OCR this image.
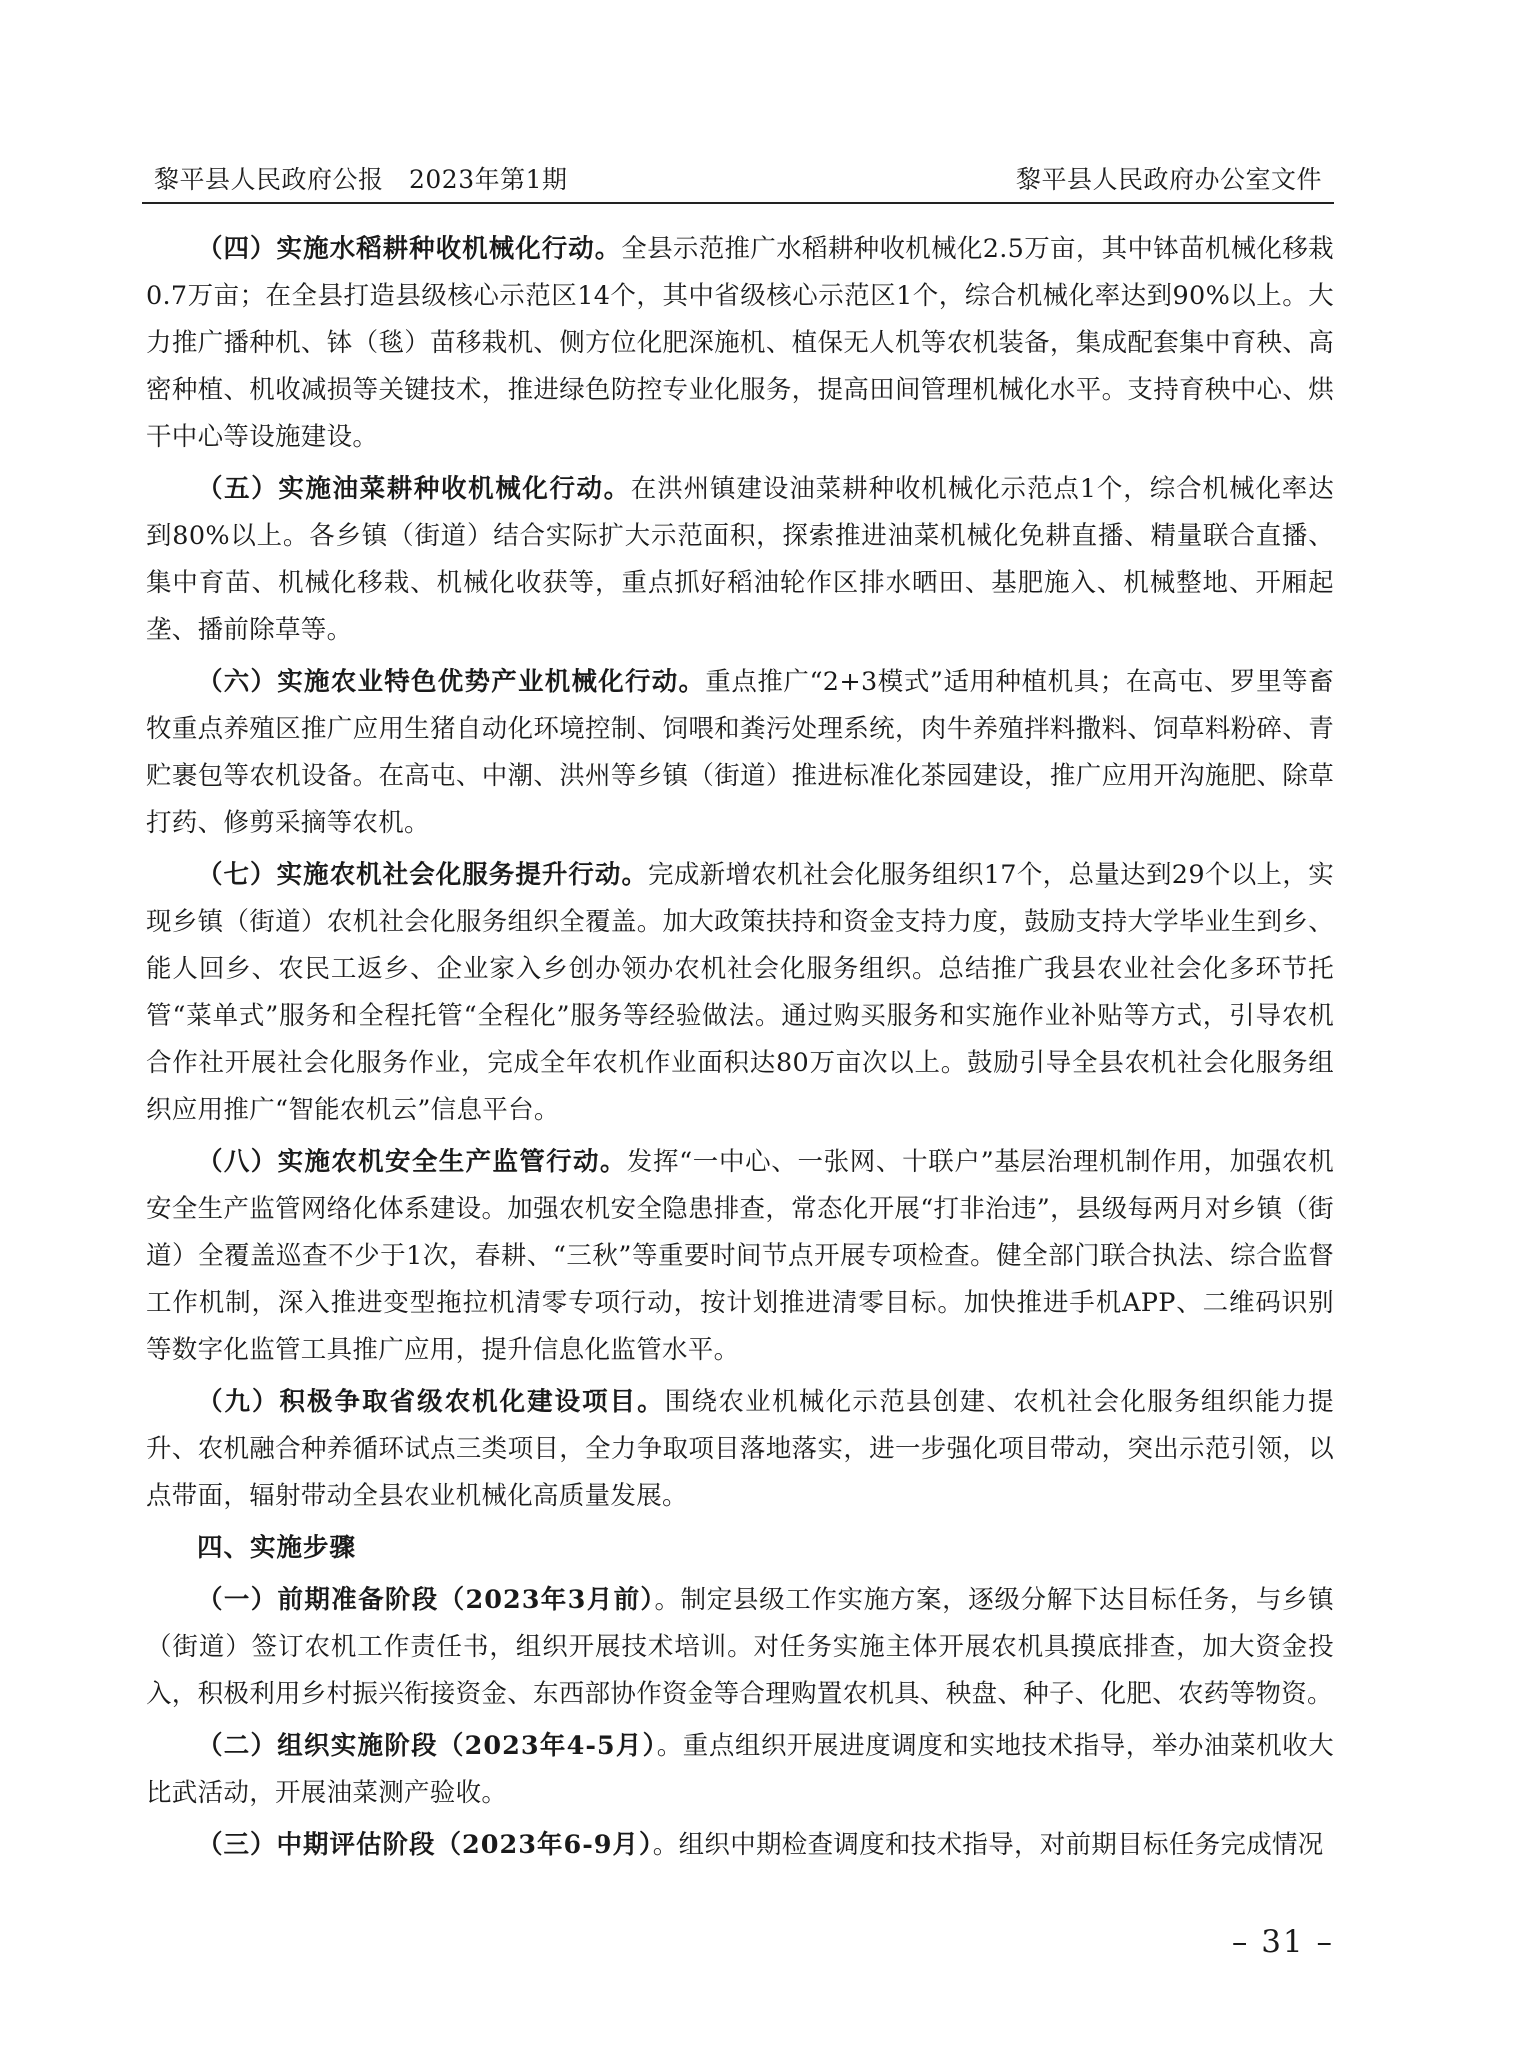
黎平县人民政府公报　2023年第1期	黎平县人民政府办公室文件

（四）实施水稻耕种收机械化行动。全县示范推广水稻耕种收机械化2.5万亩，其中钵苗机械化移栽0.7万亩；在全县打造县级核心示范区14个，其中省级核心示范区1个，综合机械化率达到90%以上。大力推广播种机、钵（毯）苗移栽机、侧方位化肥深施机、植保无人机等农机装备，集成配套集中育秧、高密种植、机收减损等关键技术，推进绿色防控专业化服务，提高田间管理机械化水平。支持育秧中心、烘干中心等设施建设。

（五）实施油菜耕种收机械化行动。在洪州镇建设油菜耕种收机械化示范点1个，综合机械化率达到80%以上。各乡镇（街道）结合实际扩大示范面积，探索推进油菜机械化免耕直播、精量联合直播、集中育苗、机械化移栽、机械化收获等，重点抓好稻油轮作区排水晒田、基肥施入、机械整地、开厢起垄、播前除草等。

（六）实施农业特色优势产业机械化行动。重点推广“2+3模式”适用种植机具；在高屯、罗里等畜牧重点养殖区推广应用生猪自动化环境控制、饲喂和粪污处理系统，肉牛养殖拌料撒料、饲草料粉碎、青贮裹包等农机设备。在高屯、中潮、洪州等乡镇（街道）推进标准化茶园建设，推广应用开沟施肥、除草打药、修剪采摘等农机。

（七）实施农机社会化服务提升行动。完成新增农机社会化服务组织17个，总量达到29个以上，实现乡镇（街道）农机社会化服务组织全覆盖。加大政策扶持和资金支持力度，鼓励支持大学毕业生到乡、能人回乡、农民工返乡、企业家入乡创办领办农机社会化服务组织。总结推广我县农业社会化多环节托管“菜单式”服务和全程托管“全程化”服务等经验做法。通过购买服务和实施作业补贴等方式，引导农机合作社开展社会化服务作业，完成全年农机作业面积达80万亩次以上。鼓励引导全县农机社会化服务组织应用推广“智能农机云”信息平台。

（八）实施农机安全生产监管行动。发挥“一中心、一张网、十联户”基层治理机制作用，加强农机安全生产监管网络化体系建设。加强农机安全隐患排查，常态化开展“打非治违”，县级每两月对乡镇（街道）全覆盖巡查不少于1次，春耕、“三秋”等重要时间节点开展专项检查。健全部门联合执法、综合监督工作机制，深入推进变型拖拉机清零专项行动，按计划推进清零目标。加快推进手机APP、二维码识别等数字化监管工具推广应用，提升信息化监管水平。

（九）积极争取省级农机化建设项目。围绕农业机械化示范县创建、农机社会化服务组织能力提升、农机融合种养循环试点三类项目，全力争取项目落地落实，进一步强化项目带动，突出示范引领，以点带面，辐射带动全县农业机械化高质量发展。

四、实施步骤

（一）前期准备阶段（2023年3月前）。制定县级工作实施方案，逐级分解下达目标任务，与乡镇（街道）签订农机工作责任书，组织开展技术培训。对任务实施主体开展农机具摸底排查，加大资金投入，积极利用乡村振兴衔接资金、东西部协作资金等合理购置农机具、秧盘、种子、化肥、农药等物资。

（二）组织实施阶段（2023年4-5月）。重点组织开展进度调度和实地技术指导，举办油菜机收大比武活动，开展油菜测产验收。

（三）中期评估阶段（2023年6-9月）。组织中期检查调度和技术指导，对前期目标任务完成情况

– 31 –
